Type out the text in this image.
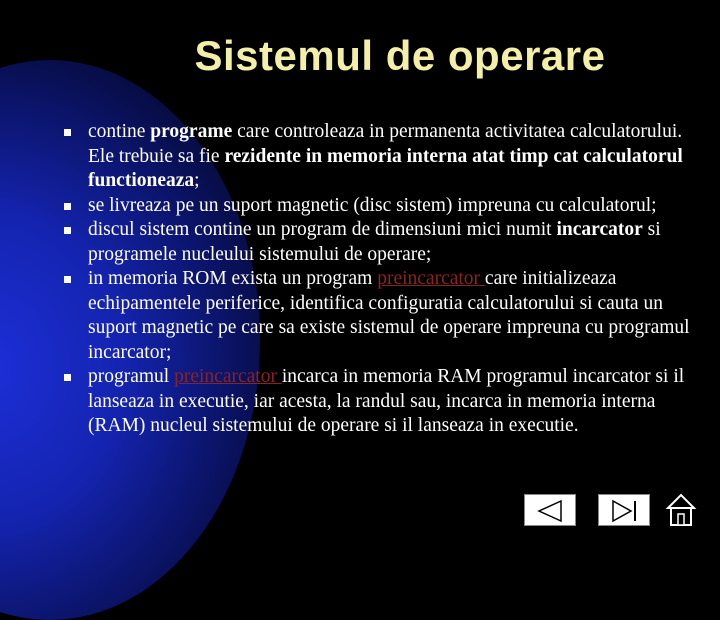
Sistemul de operare

contine programe care controleaza in permanenta activitatea calculatorului. Ele trebuie sa fie rezidente in memoria interna atat timp cat calculatorul functioneaza;

se livreaza pe un suport magnetic (disc sistem) impreuna cu calculatorul;

discul sistem contine un program de dimensiuni mici numit incarcator si programele nucleului sistemului de operare;

in memoria ROM exista un program preincarcator care initializeaza echipamentele periferice, identifica configuratia calculatorului si cauta un suport magnetic pe care sa existe sistemul de operare impreuna cu programul incarcator;

programul preincarcator incarca in memoria RAM programul incarcator si il lanseaza in executie, iar acesta, la randul sau, incarca in memoria interna (RAM) nucleul sistemului de operare si il lanseaza in executie.
